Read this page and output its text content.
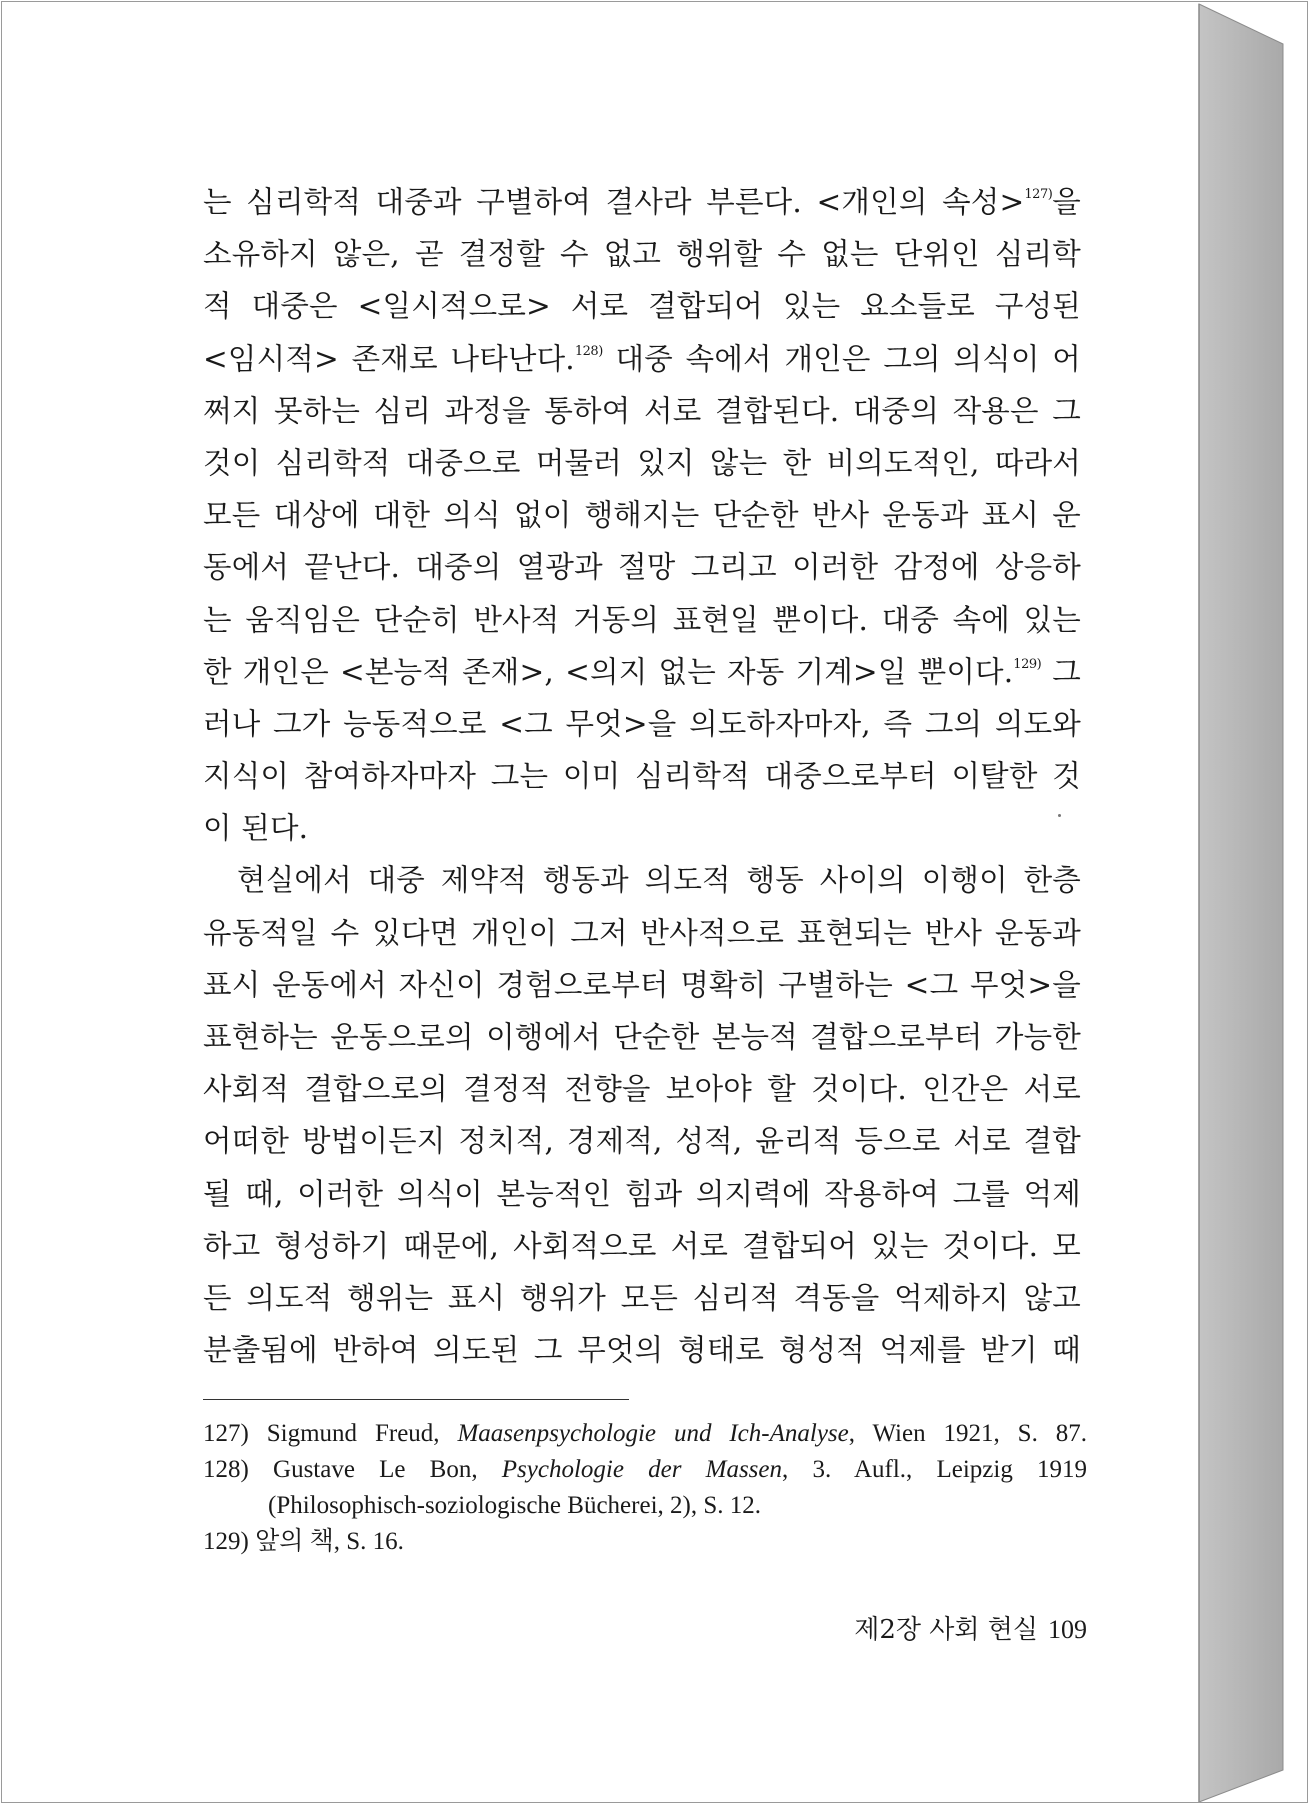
는 심리학적 대중과 구별하여 결사라 부른다. <개인의 속성>$^{127)}$을
소유하지 않은, 곧 결정할 수 없고 행위할 수 없는 단위인 심리학
적 대중은 <일시적으로> 서로 결합되어 있는 요소들로 구성된
<임시적> 존재로 나타난다.$^{128)}$ 대중 속에서 개인은 그의 의식이 어
쩌지 못하는 심리 과정을 통하여 서로 결합된다. 대중의 작용은 그
것이 심리학적 대중으로 머물러 있지 않는 한 비의도적인, 따라서
모든 대상에 대한 의식 없이 행해지는 단순한 반사 운동과 표시 운
동에서 끝난다. 대중의 열광과 절망 그리고 이러한 감정에 상응하
는 움직임은 단순히 반사적 거동의 표현일 뿐이다. 대중 속에 있는
한 개인은 <본능적 존재>, <의지 없는 자동 기계>일 뿐이다.$^{129)}$ 그
러나 그가 능동적으로 <그 무엇>을 의도하자마자, 즉 그의 의도와
지식이 참여하자마자 그는 이미 심리학적 대중으로부터 이탈한 것
이 된다.
현실에서 대중 제약적 행동과 의도적 행동 사이의 이행이 한층
유동적일 수 있다면 개인이 그저 반사적으로 표현되는 반사 운동과
표시 운동에서 자신이 경험으로부터 명확히 구별하는 <그 무엇>을
표현하는 운동으로의 이행에서 단순한 본능적 결합으로부터 가능한
사회적 결합으로의 결정적 전향을 보아야 할 것이다. 인간은 서로
어떠한 방법이든지 정치적, 경제적, 성적, 윤리적 등으로 서로 결합
될 때, 이러한 의식이 본능적인 힘과 의지력에 작용하여 그를 억제
하고 형성하기 때문에, 사회적으로 서로 결합되어 있는 것이다. 모
든 의도적 행위는 표시 행위가 모든 심리적 격동을 억제하지 않고
분출됨에 반하여 의도된 그 무엇의 형태로 형성적 억제를 받기 때
127) Sigmund Freud, Maasenpsychologie und Ich-Analyse, Wien 1921, S. 87.
128) Gustave Le Bon, Psychologie der Massen, 3. Aufl., Leipzig 1919
(Philosophisch-soziologische Bücherei, 2), S. 12.
129) 앞의 책, S. 16.
제2장 사회 현실 109
